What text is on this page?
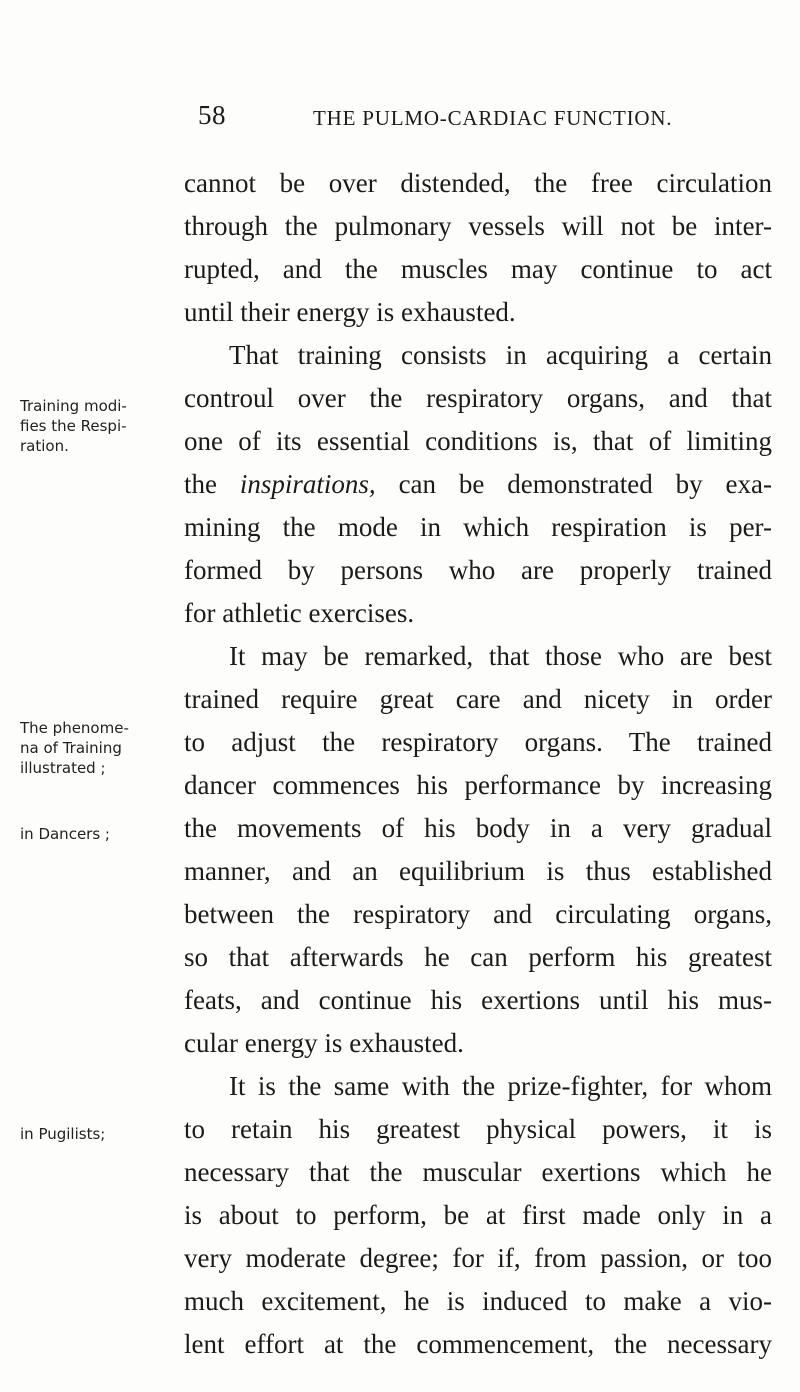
58	THE PULMO-CARDIAC FUNCTION.
Training modi-
fies the Respi-
ration.
The phenome-
na of Training
illustrated ;
in Dancers ;
in Pugilists;
cannot be over distended, the free circulation
through the pulmonary vessels will not be inter-
rupted, and the muscles may continue to act
until their energy is exhausted.
That training consists in acquiring a certain
controul over the respiratory organs, and that
one of its essential conditions is, that of limiting
the inspirations, can be demonstrated by exa-
mining the mode in which respiration is per-
formed by persons who are properly trained
for athletic exercises.
It may be remarked, that those who are best
trained require great care and nicety in order
to adjust the respiratory organs. The trained
dancer commences his performance by increasing
the movements of his body in a very gradual
manner, and an equilibrium is thus established
between the respiratory and circulating organs,
so that afterwards he can perform his greatest
feats, and continue his exertions until his mus-
cular energy is exhausted.
It is the same with the prize-fighter, for whom
to retain his greatest physical powers, it is
necessary that the muscular exertions which he
is about to perform, be at first made only in a
very moderate degree; for if, from passion, or too
much excitement, he is induced to make a vio-
lent effort at the commencement, the necessary
